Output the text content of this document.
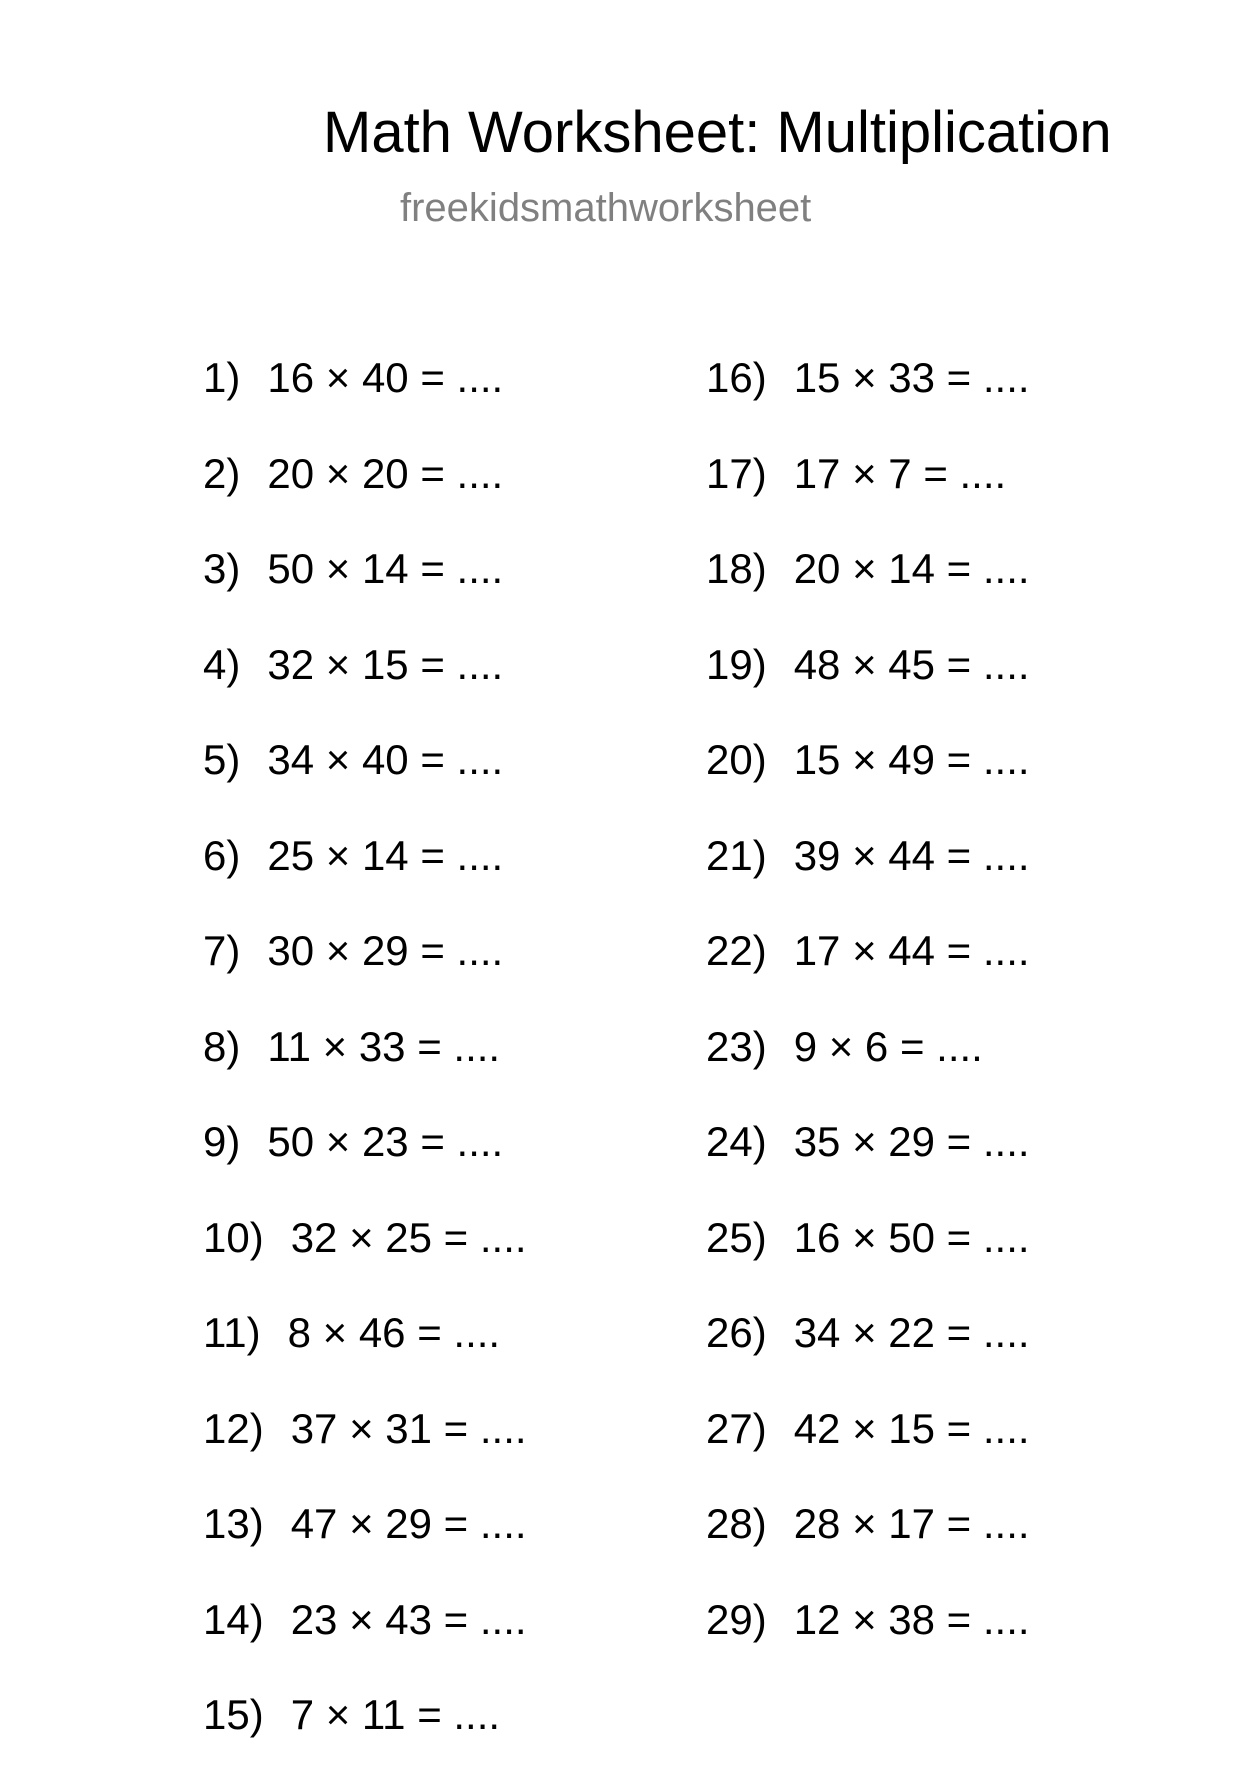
Math Worksheet: Multiplication
freekidsmathworksheet
1) 16 × 40 = ....
2) 20 × 20 = ....
3) 50 × 14 = ....
4) 32 × 15 = ....
5) 34 × 40 = ....
6) 25 × 14 = ....
7) 30 × 29 = ....
8) 11 × 33 = ....
9) 50 × 23 = ....
10) 32 × 25 = ....
11) 8 × 46 = ....
12) 37 × 31 = ....
13) 47 × 29 = ....
14) 23 × 43 = ....
15) 7 × 11 = ....
16) 15 × 33 = ....
17) 17 × 7 = ....
18) 20 × 14 = ....
19) 48 × 45 = ....
20) 15 × 49 = ....
21) 39 × 44 = ....
22) 17 × 44 = ....
23) 9 × 6 = ....
24) 35 × 29 = ....
25) 16 × 50 = ....
26) 34 × 22 = ....
27) 42 × 15 = ....
28) 28 × 17 = ....
29) 12 × 38 = ....
